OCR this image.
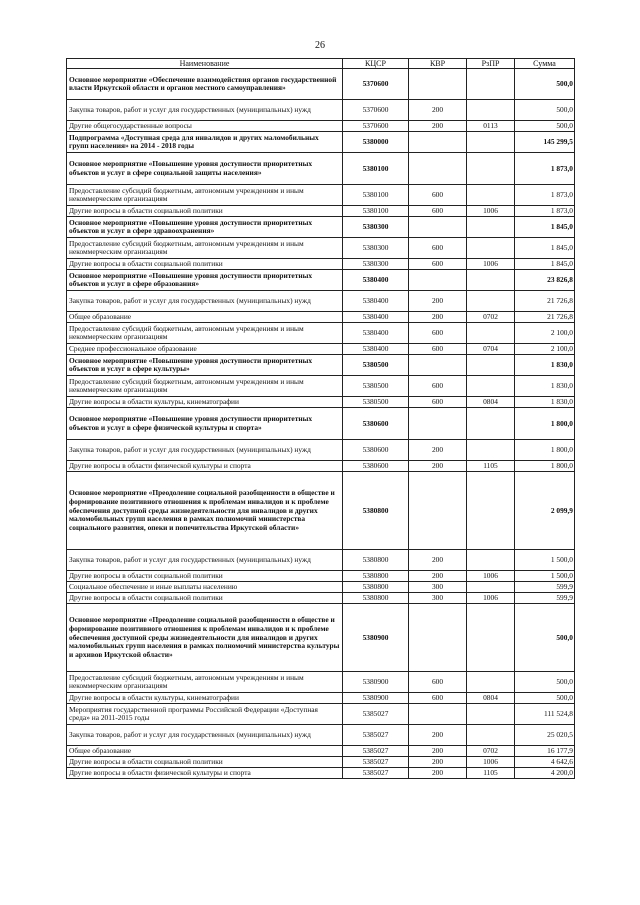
26
Наименование	КЦСР	КВР	РзПР	Сумма
Основное мероприятие «Обеспечение взаимодействия органов государственной власти Иркутской области и органов местного самоуправления»	5370600			500,0
Закупка товаров, работ и услуг для государственных (муниципальных) нужд	5370600	200		500,0
Другие общегосударственные вопросы	5370600	200	0113	500,0
Подпрограмма «Доступная среда для инвалидов и других маломобильных групп населения» на 2014 - 2018 годы	5380000			145 299,5
Основное мероприятие «Повышение уровня доступности приоритетных объектов и услуг в сфере социальной защиты населения»	5380100			1 873,0
Предоставление субсидий бюджетным, автономным учреждениям и иным некоммерческим организациям	5380100	600		1 873,0
Другие вопросы в области социальной политики	5380100	600	1006	1 873,0
Основное мероприятие «Повышение уровня доступности приоритетных объектов и услуг в сфере здравоохранения»	5380300			1 845,0
Предоставление субсидий бюджетным, автономным учреждениям и иным некоммерческим организациям	5380300	600		1 845,0
Другие вопросы в области социальной политики	5380300	600	1006	1 845,0
Основное мероприятие «Повышение уровня доступности приоритетных объектов и услуг в сфере образования»	5380400			23 826,8
Закупка товаров, работ и услуг для государственных (муниципальных) нужд	5380400	200		21 726,8
Общее образование	5380400	200	0702	21 726,8
Предоставление субсидий бюджетным, автономным учреждениям и иным некоммерческим организациям	5380400	600		2 100,0
Среднее профессиональное образование	5380400	600	0704	2 100,0
Основное мероприятие «Повышение уровня доступности приоритетных объектов и услуг в сфере культуры»	5380500			1 830,0
Предоставление субсидий бюджетным, автономным учреждениям и иным некоммерческим организациям	5380500	600		1 830,0
Другие вопросы в области культуры, кинематографии	5380500	600	0804	1 830,0
Основное мероприятие «Повышение уровня доступности приоритетных объектов и услуг в сфере физической культуры и спорта»	5380600			1 800,0
Закупка товаров, работ и услуг для государственных (муниципальных) нужд	5380600	200		1 800,0
Другие вопросы в области физической культуры и спорта	5380600	200	1105	1 800,0
Основное мероприятие «Преодоление социальной разобщенности в обществе и формирование позитивного отношения к проблемам инвалидов и к проблеме обеспечения доступной среды жизнедеятельности для инвалидов и других маломобильных групп населения в рамках полномочий министерства социального развития, опеки и попечительства Иркутской области»	5380800			2 099,9
Закупка товаров, работ и услуг для государственных (муниципальных) нужд	5380800	200		1 500,0
Другие вопросы в области социальной политики	5380800	200	1006	1 500,0
Социальное обеспечение и иные выплаты населению	5380800	300		599,9
Другие вопросы в области социальной политики	5380800	300	1006	599,9
Основное мероприятие «Преодоление социальной разобщенности в обществе и формирование позитивного отношения к проблемам инвалидов и к проблеме обеспечения доступной среды жизнедеятельности для инвалидов и других маломобильных групп населения в рамках полномочий министерства культуры и архивов Иркутской области»	5380900			500,0
Предоставление субсидий бюджетным, автономным учреждениям и иным некоммерческим организациям	5380900	600		500,0
Другие вопросы в области культуры, кинематографии	5380900	600	0804	500,0
Мероприятия государственной программы Российской Федерации «Доступная среда» на 2011-2015 годы	5385027			111 524,8
Закупка товаров, работ и услуг для государственных (муниципальных) нужд	5385027	200		25 020,5
Общее образование	5385027	200	0702	16 177,9
Другие вопросы в области социальной политики	5385027	200	1006	4 642,6
Другие вопросы в области физической культуры и спорта	5385027	200	1105	4 200,0
